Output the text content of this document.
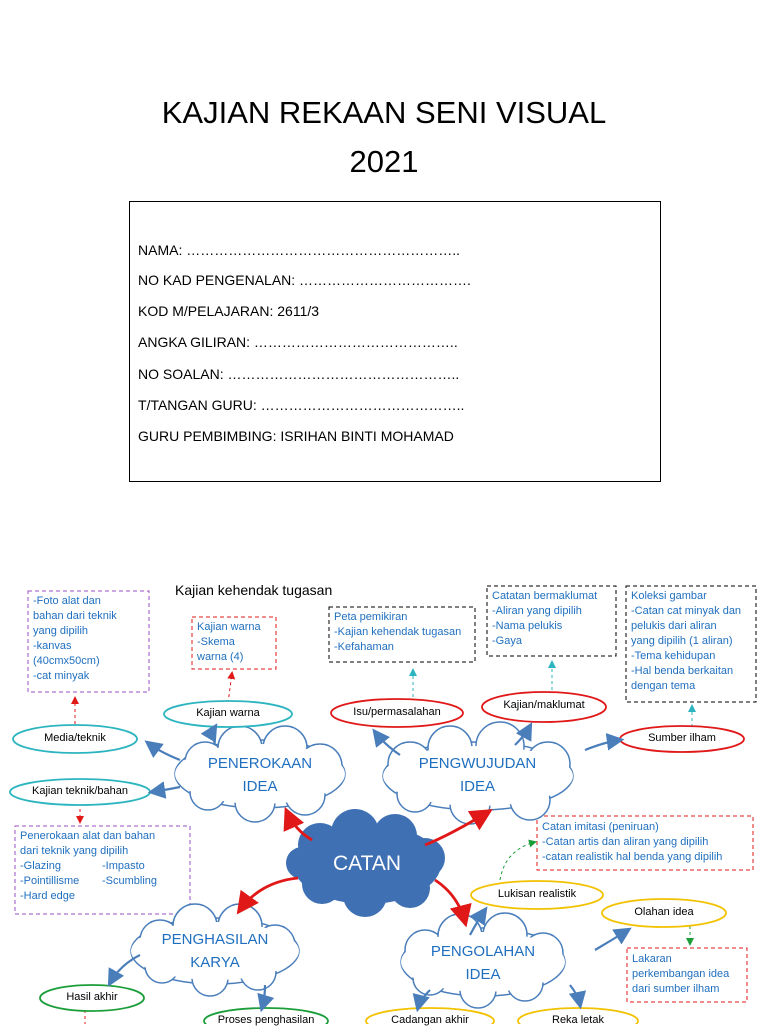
KAJIAN REKAAN SENI VISUAL
2021
NAMA: …………………………………………………..
NO KAD PENGENALAN: ……………………………….
KOD M/PELAJARAN: 2611/3
ANGKA GILIRAN: ……………………………………..
NO SOALAN: …………………………………………..
T/TANGAN GURU: ……………………………………..
GURU PEMBIMBING: ISRIHAN BINTI MOHAMAD
Kajian kehendak tugasan
CATAN
PENEROKAAN
IDEA
PENGWUJUDAN
IDEA
PENGHASILAN
KARYA
PENGOLAHAN
IDEA
Media/teknik
Kajian warna
Kajian teknik/bahan
Isu/permasalahan
Kajian/maklumat
Sumber ilham
Lukisan realistik
Olahan idea
Hasil akhir
Proses penghasilan	Cadangan akhir	Reka letak
-Foto alat dan
bahan dari teknik
yang dipilih
-kanvas
(40cmx50cm)
-cat minyak
Kajian warna
-Skema
warna (4)
Peta pemikiran
-Kajian kehendak tugasan
-Kefahaman
Catatan bermaklumat
-Aliran yang dipilih
-Nama pelukis
-Gaya
Koleksi gambar
-Catan cat minyak dan
pelukis dari aliran
yang dipilih (1 aliran)
-Tema kehidupan
-Hal benda berkaitan
dengan tema
Penerokaan alat dan bahan
dari teknik yang dipilih
-Glazing
-Pointillisme
-Hard edge
-Impasto
-Scumbling
Catan imitasi (peniruan)
-Catan artis dan aliran yang dipilih
-catan realistik hal benda yang dipilih
Lakaran
perkembangan idea
dari sumber ilham
